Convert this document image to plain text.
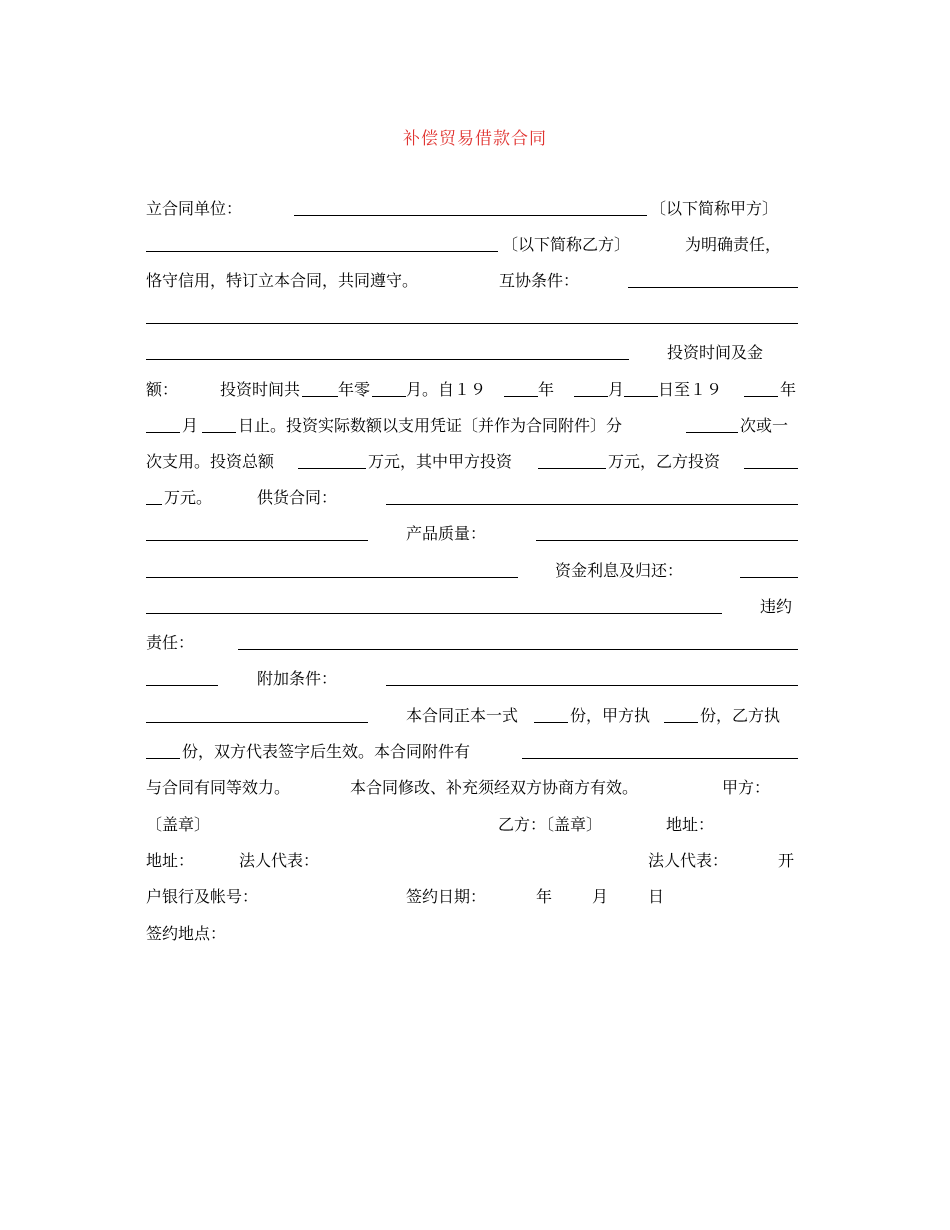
补偿贸易借款合同
立合同单位：	〔以下简称甲方〕
〔以下简称乙方〕	为明确责任，
恪守信用，特订立本合同，共同遵守。	互协条件：
投资时间及金
额：	投资时间共 年零 月。自１９	年	月 日至１９	年
月 日止。投资实际数额以支用凭证〔并作为合同附件〕分	次或一
次支用。投资总额	万元，其中甲方投资	万元，乙方投资
万元。	供货合同：
产品质量：
资金利息及归还：
违约
责任：
附加条件：
本合同正本一式	份，甲方执	份，乙方执
份，双方代表签字后生效。本合同附件有
与合同有同等效力。	本合同修改、补充须经双方协商方有效。	甲方：
〔盖章〕	乙方：〔盖章〕	地址：
地址：	法人代表：	法人代表：	开
户银行及帐号：	签约日期：	年 月 日
签约地点：
